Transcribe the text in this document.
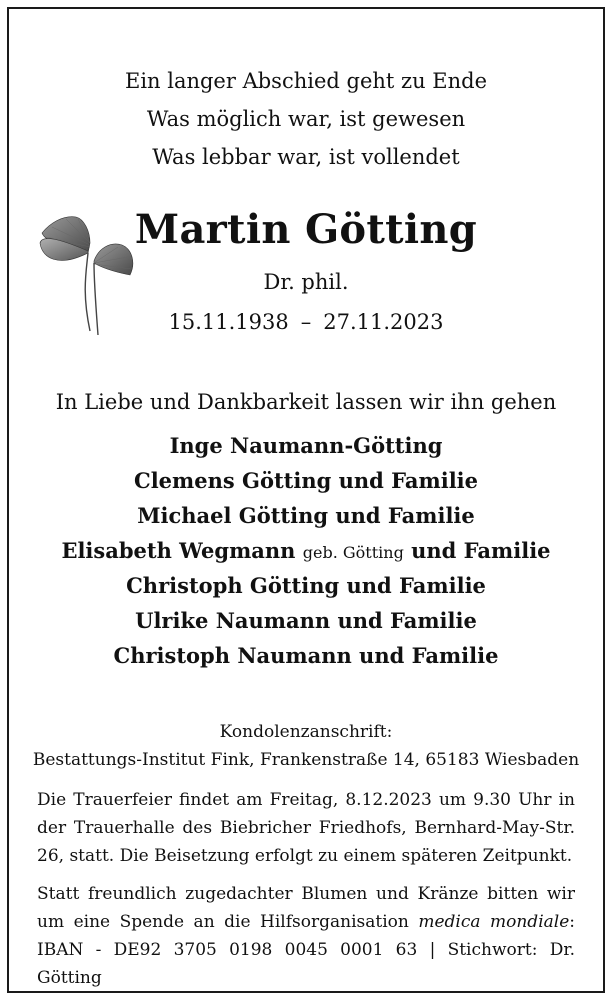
Ein langer Abschied geht zu Ende
Was möglich war, ist gewesen
Was lebbar war, ist vollendet
Martin Götting
Dr. phil.
15.11.1938 – 27.11.2023
In Liebe und Dankbarkeit lassen wir ihn gehen
Inge Naumann-Götting
Clemens Götting und Familie
Michael Götting und Familie
Elisabeth Wegmann geb. Götting und Familie
Christoph Götting und Familie
Ulrike Naumann und Familie
Christoph Naumann und Familie
Kondolenzanschrift:
Bestattungs-Institut Fink, Frankenstraße 14, 65183 Wiesbaden

Die Trauerfeier findet am Freitag, 8.12.2023 um 9.30 Uhr in

der Trauerhalle des Biebricher Friedhofs, Bernhard-May-Str.

26, statt. Die Beisetzung erfolgt zu einem späteren Zeitpunkt.

Statt freundlich zugedachter Blumen und Kränze bitten wir

um eine Spende an die Hilfsorganisation medica mondiale:

IBAN - DE92 3705 0198 0045 0001 63 | Stichwort: Dr. Götting
